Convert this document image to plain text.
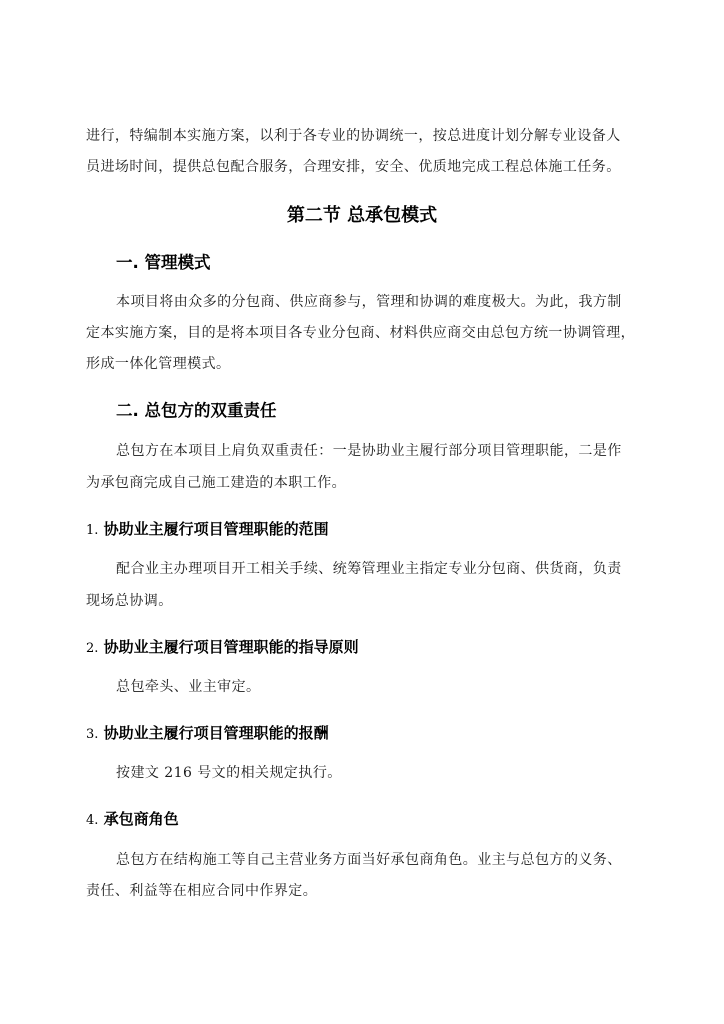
进行，特编制本实施方案，以利于各专业的协调统一，按总进度计划分解专业设备人
员进场时间，提供总包配合服务，合理安排，安全、优质地完成工程总体施工任务。
第二节 总承包模式
一. 管理模式
本项目将由众多的分包商、供应商参与，管理和协调的难度极大。为此，我方制
定本实施方案，目的是将本项目各专业分包商、材料供应商交由总包方统一协调管理，
形成一体化管理模式。
二. 总包方的双重责任
总包方在本项目上肩负双重责任：一是协助业主履行部分项目管理职能，二是作
为承包商完成自己施工建造的本职工作。
1. 协助业主履行项目管理职能的范围
配合业主办理项目开工相关手续、统筹管理业主指定专业分包商、供货商，负责
现场总协调。
2. 协助业主履行项目管理职能的指导原则
总包牵头、业主审定。
3. 协助业主履行项目管理职能的报酬
按建文 216 号文的相关规定执行。
4. 承包商角色
总包方在结构施工等自己主营业务方面当好承包商角色。业主与总包方的义务、
责任、利益等在相应合同中作界定。
